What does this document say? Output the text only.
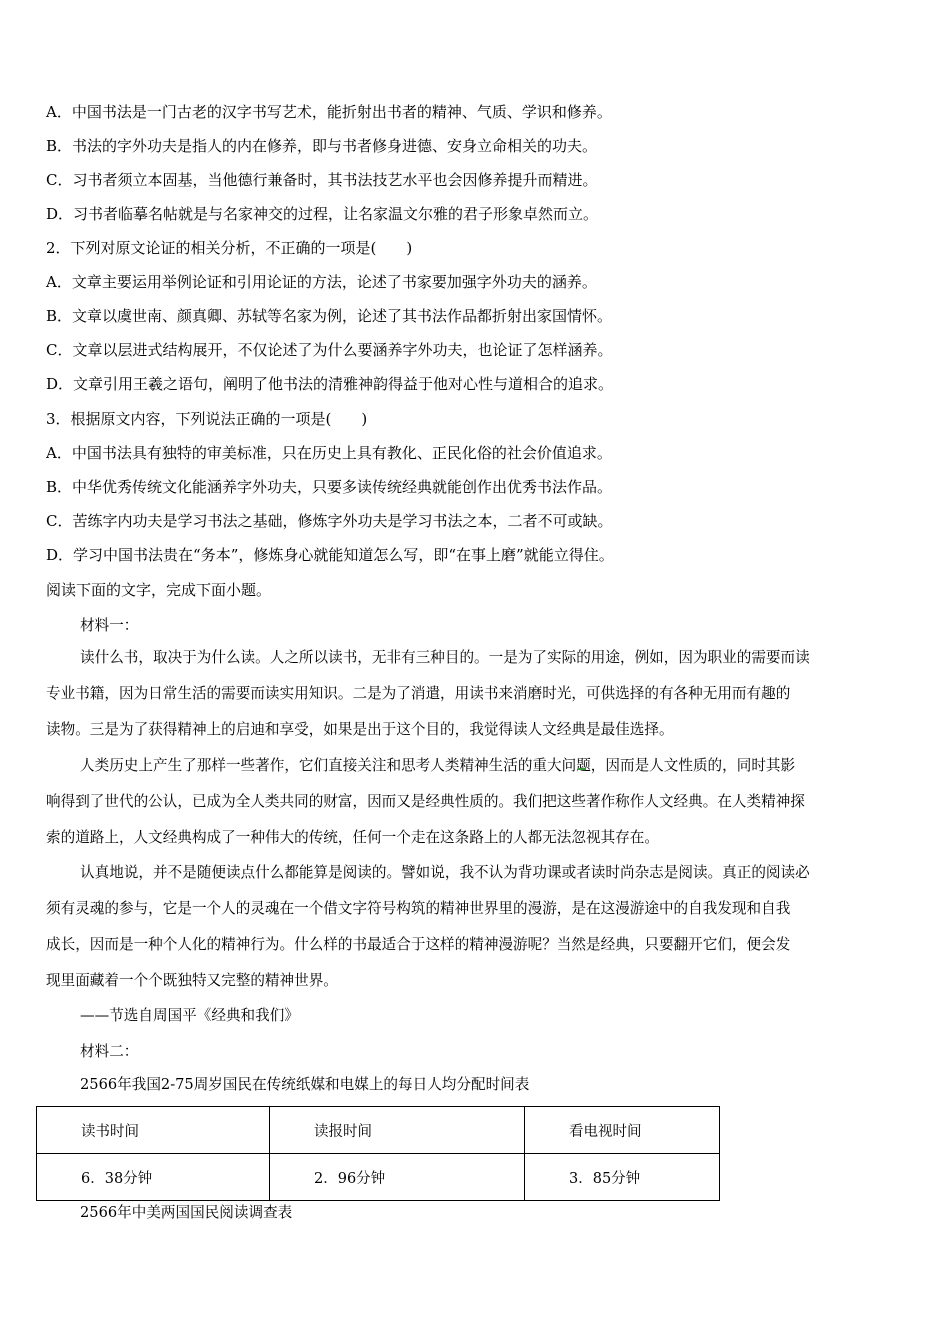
A．中国书法是一门古老的汉字书写艺术，能折射出书者的精神、气质、学识和修养。
B．书法的字外功夫是指人的内在修养，即与书者修身进德、安身立命相关的功夫。
C．习书者须立本固基，当他德行兼备时，其书法技艺水平也会因修养提升而精进。
D．习书者临摹名帖就是与名家神交的过程，让名家温文尔雅的君子形象卓然而立。
2．下列对原文论证的相关分析，不正确的一项是(　　)
A．文章主要运用举例论证和引用论证的方法，论述了书家要加强字外功夫的涵养。
B．文章以虞世南、颜真卿、苏轼等名家为例，论述了其书法作品都折射出家国情怀。
C．文章以层进式结构展开，不仅论述了为什么要涵养字外功夫，也论证了怎样涵养。
D．文章引用王羲之语句，阐明了他书法的清雅神韵得益于他对心性与道相合的追求。
3．根据原文内容，下列说法正确的一项是(　　)
A．中国书法具有独特的审美标准，只在历史上具有教化、正民化俗的社会价值追求。
B．中华优秀传统文化能涵养字外功夫，只要多读传统经典就能创作出优秀书法作品。
C．苦练字内功夫是学习书法之基础，修炼字外功夫是学习书法之本，二者不可或缺。
D．学习中国书法贵在“务本”，修炼身心就能知道怎么写，即“在事上磨”就能立得住。
阅读下面的文字，完成下面小题。
材料一：
读什么书，取决于为什么读。人之所以读书，无非有三种目的。一是为了实际的用途，例如，因为职业的需要而读
专业书籍，因为日常生活的需要而读实用知识。二是为了消遣，用读书来消磨时光，可供选择的有各种无用而有趣的
读物。三是为了获得精神上的启迪和享受，如果是出于这个目的，我觉得读人文经典是最佳选择。
人类历史上产生了那样一些著作，它们直接关注和思考人类精神生活的重大问题，因而是人文性质的，同时其影
响得到了世代的公认，已成为全人类共同的财富，因而又是经典性质的。我们把这些著作称作人文经典。在人类精神探
索的道路上，人文经典构成了一种伟大的传统，任何一个走在这条路上的人都无法忽视其存在。
认真地说，并不是随便读点什么都能算是阅读的。譬如说，我不认为背功课或者读时尚杂志是阅读。真正的阅读必
须有灵魂的参与，它是一个人的灵魂在一个借文字符号构筑的精神世界里的漫游，是在这漫游途中的自我发现和自我
成长，因而是一种个人化的精神行为。什么样的书最适合于这样的精神漫游呢？当然是经典，只要翻开它们，便会发
现里面藏着一个个既独特又完整的精神世界。
——节选自周国平《经典和我们》
材料二：
2566年我国2-75周岁国民在传统纸媒和电媒上的每日人均分配时间表
读书时间	读报时间	看电视时间
6．38分钟	2．96分钟	3．85分钟
2566年中美两国国民阅读调查表
